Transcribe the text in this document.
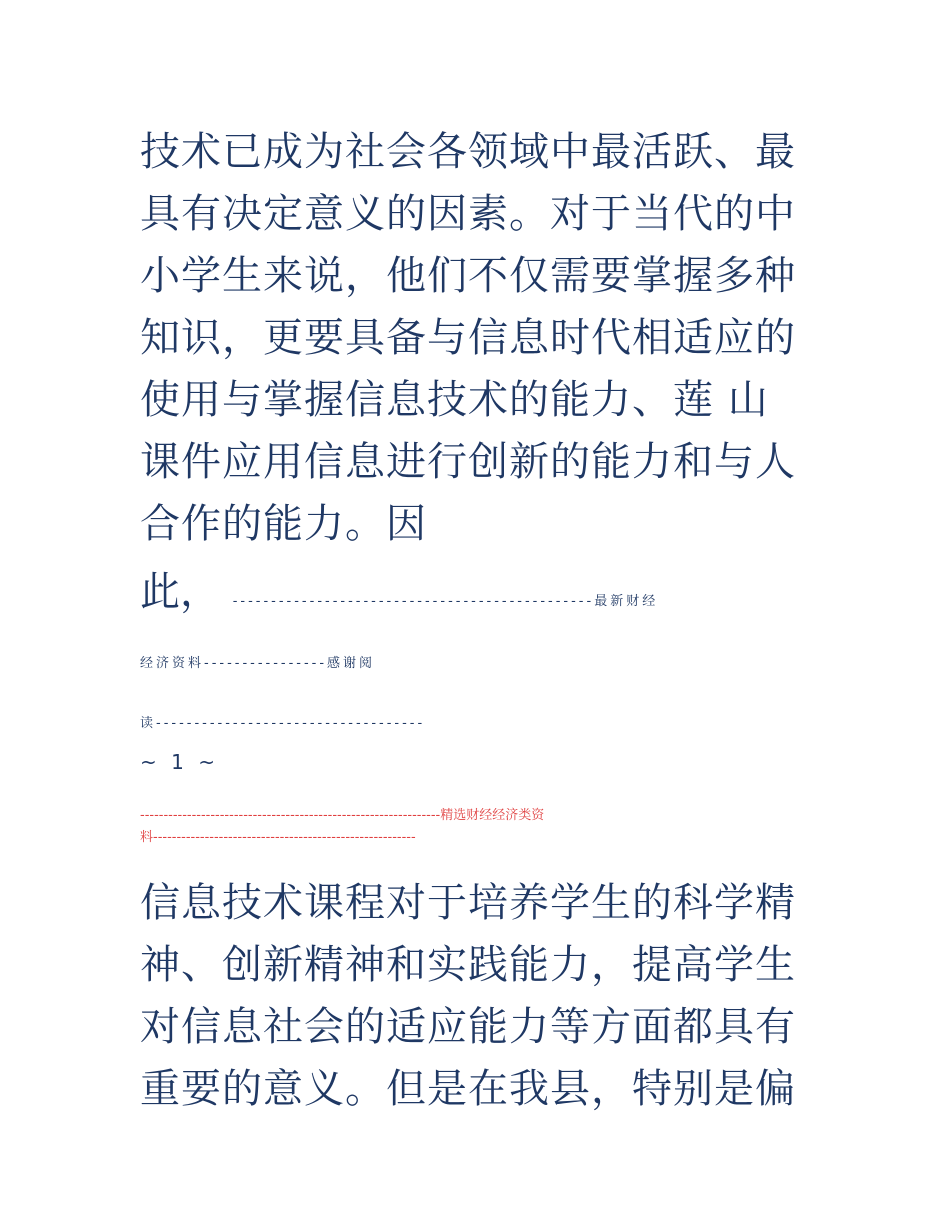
技术已成为社会各领域中最活跃、最
具有决定意义的因素。对于当代的中
小学生来说，他们不仅需要掌握多种
知识，更要具备与信息时代相适应的
使用与掌握信息技术的能力、莲 山
课件应用信息进行创新的能力和与人
合作的能力。因
此， -----------------------------------------------最新财经
经济资料----------------感谢阅
读-----------------------------------
~ 1 ~
----------------------------------------------------------------精选财经经济类资
料--------------------------------------------------------
信息技术课程对于培养学生的科学精
神、创新精神和实践能力，提高学生
对信息社会的适应能力等方面都具有
重要的意义。但是在我县，特别是偏
